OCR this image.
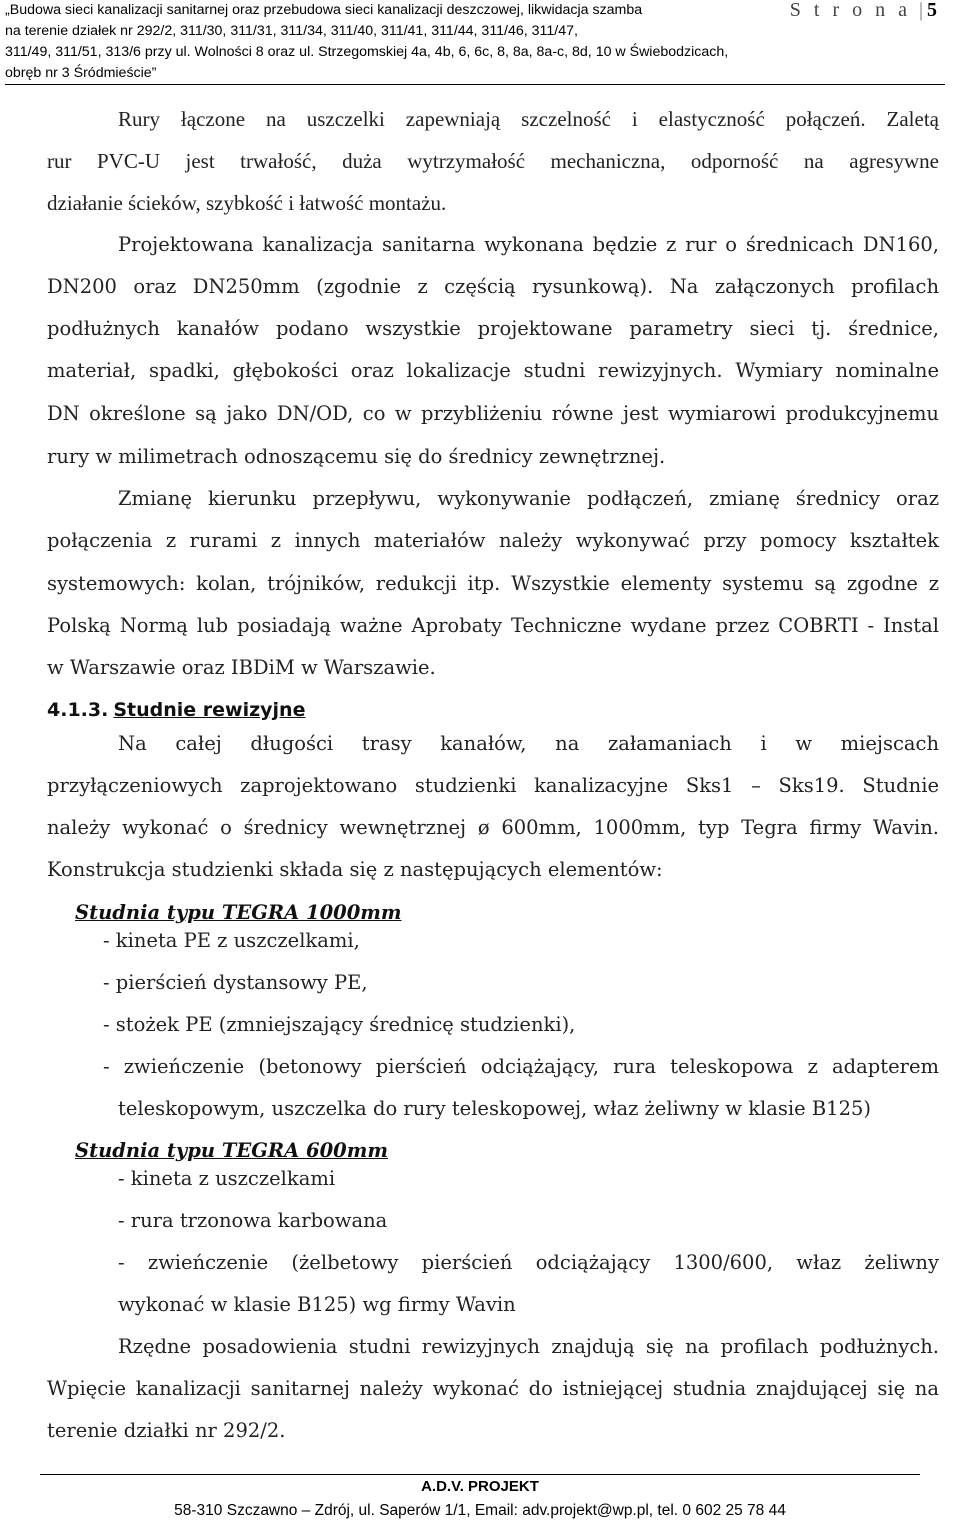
„Budowa sieci kanalizacji sanitarnej oraz przebudowa sieci kanalizacji deszczowej, likwidacja szamba
na terenie działek nr 292/2, 311/30, 311/31, 311/34, 311/40, 311/41, 311/44, 311/46, 311/47,
311/49, 311/51, 313/6 przy ul. Wolności 8 oraz ul. Strzegomskiej 4a, 4b, 6, 6c, 8, 8a, 8a-c, 8d, 10 w Świebodzicach,
obręb nr 3 Śródmieście”
S t r o n a | 5
Rury łączone na uszczelki zapewniają szczelność i elastyczność połączeń. Zaletą
rur PVC-U jest trwałość, duża wytrzymałość mechaniczna, odporność na agresywne
działanie ścieków, szybkość i łatwość montażu.
Projektowana kanalizacja sanitarna wykonana będzie z rur o średnicach DN160,
DN200 oraz DN250mm (zgodnie z częścią rysunkową). Na załączonych profilach
podłużnych kanałów podano wszystkie projektowane parametry sieci tj. średnice,
materiał, spadki, głębokości oraz lokalizacje studni rewizyjnych. Wymiary nominalne
DN określone są jako DN/OD, co w przybliżeniu równe jest wymiarowi produkcyjnemu
rury w milimetrach odnoszącemu się do średnicy zewnętrznej.
Zmianę kierunku przepływu, wykonywanie podłączeń, zmianę średnicy oraz
połączenia z rurami z innych materiałów należy wykonywać przy pomocy kształtek
systemowych: kolan, trójników, redukcji itp. Wszystkie elementy systemu są zgodne z
Polską Normą lub posiadają ważne Aprobaty Techniczne wydane przez COBRTI - Instal
w Warszawie oraz IBDiM w Warszawie.
4.1.3. Studnie rewizyjne
Na całej długości trasy kanałów, na załamaniach i w miejscach
przyłączeniowych zaprojektowano studzienki kanalizacyjne Sks1 – Sks19. Studnie
należy wykonać o średnicy wewnętrznej ø 600mm, 1000mm, typ Tegra firmy Wavin.
Konstrukcja studzienki składa się z następujących elementów:
Studnia typu TEGRA 1000mm
- kineta PE z uszczelkami,
- pierścień dystansowy PE,
- stożek PE (zmniejszający średnicę studzienki),
- zwieńczenie (betonowy pierścień odciążający, rura teleskopowa z adapterem
teleskopowym, uszczelka do rury teleskopowej, właz żeliwny w klasie B125)
Studnia typu TEGRA 600mm
- kineta z uszczelkami
- rura trzonowa karbowana
- zwieńczenie (żelbetowy pierścień odciążający 1300/600, właz żeliwny
wykonać w klasie B125) wg firmy Wavin
Rzędne posadowienia studni rewizyjnych znajdują się na profilach podłużnych.
Wpięcie kanalizacji sanitarnej należy wykonać do istniejącej studnia znajdującej się na
terenie działki nr 292/2.
A.D.V. PROJEKT
58-310 Szczawno – Zdrój, ul. Saperów 1/1, Email: adv.projekt@wp.pl, tel. 0 602 25 78 44
